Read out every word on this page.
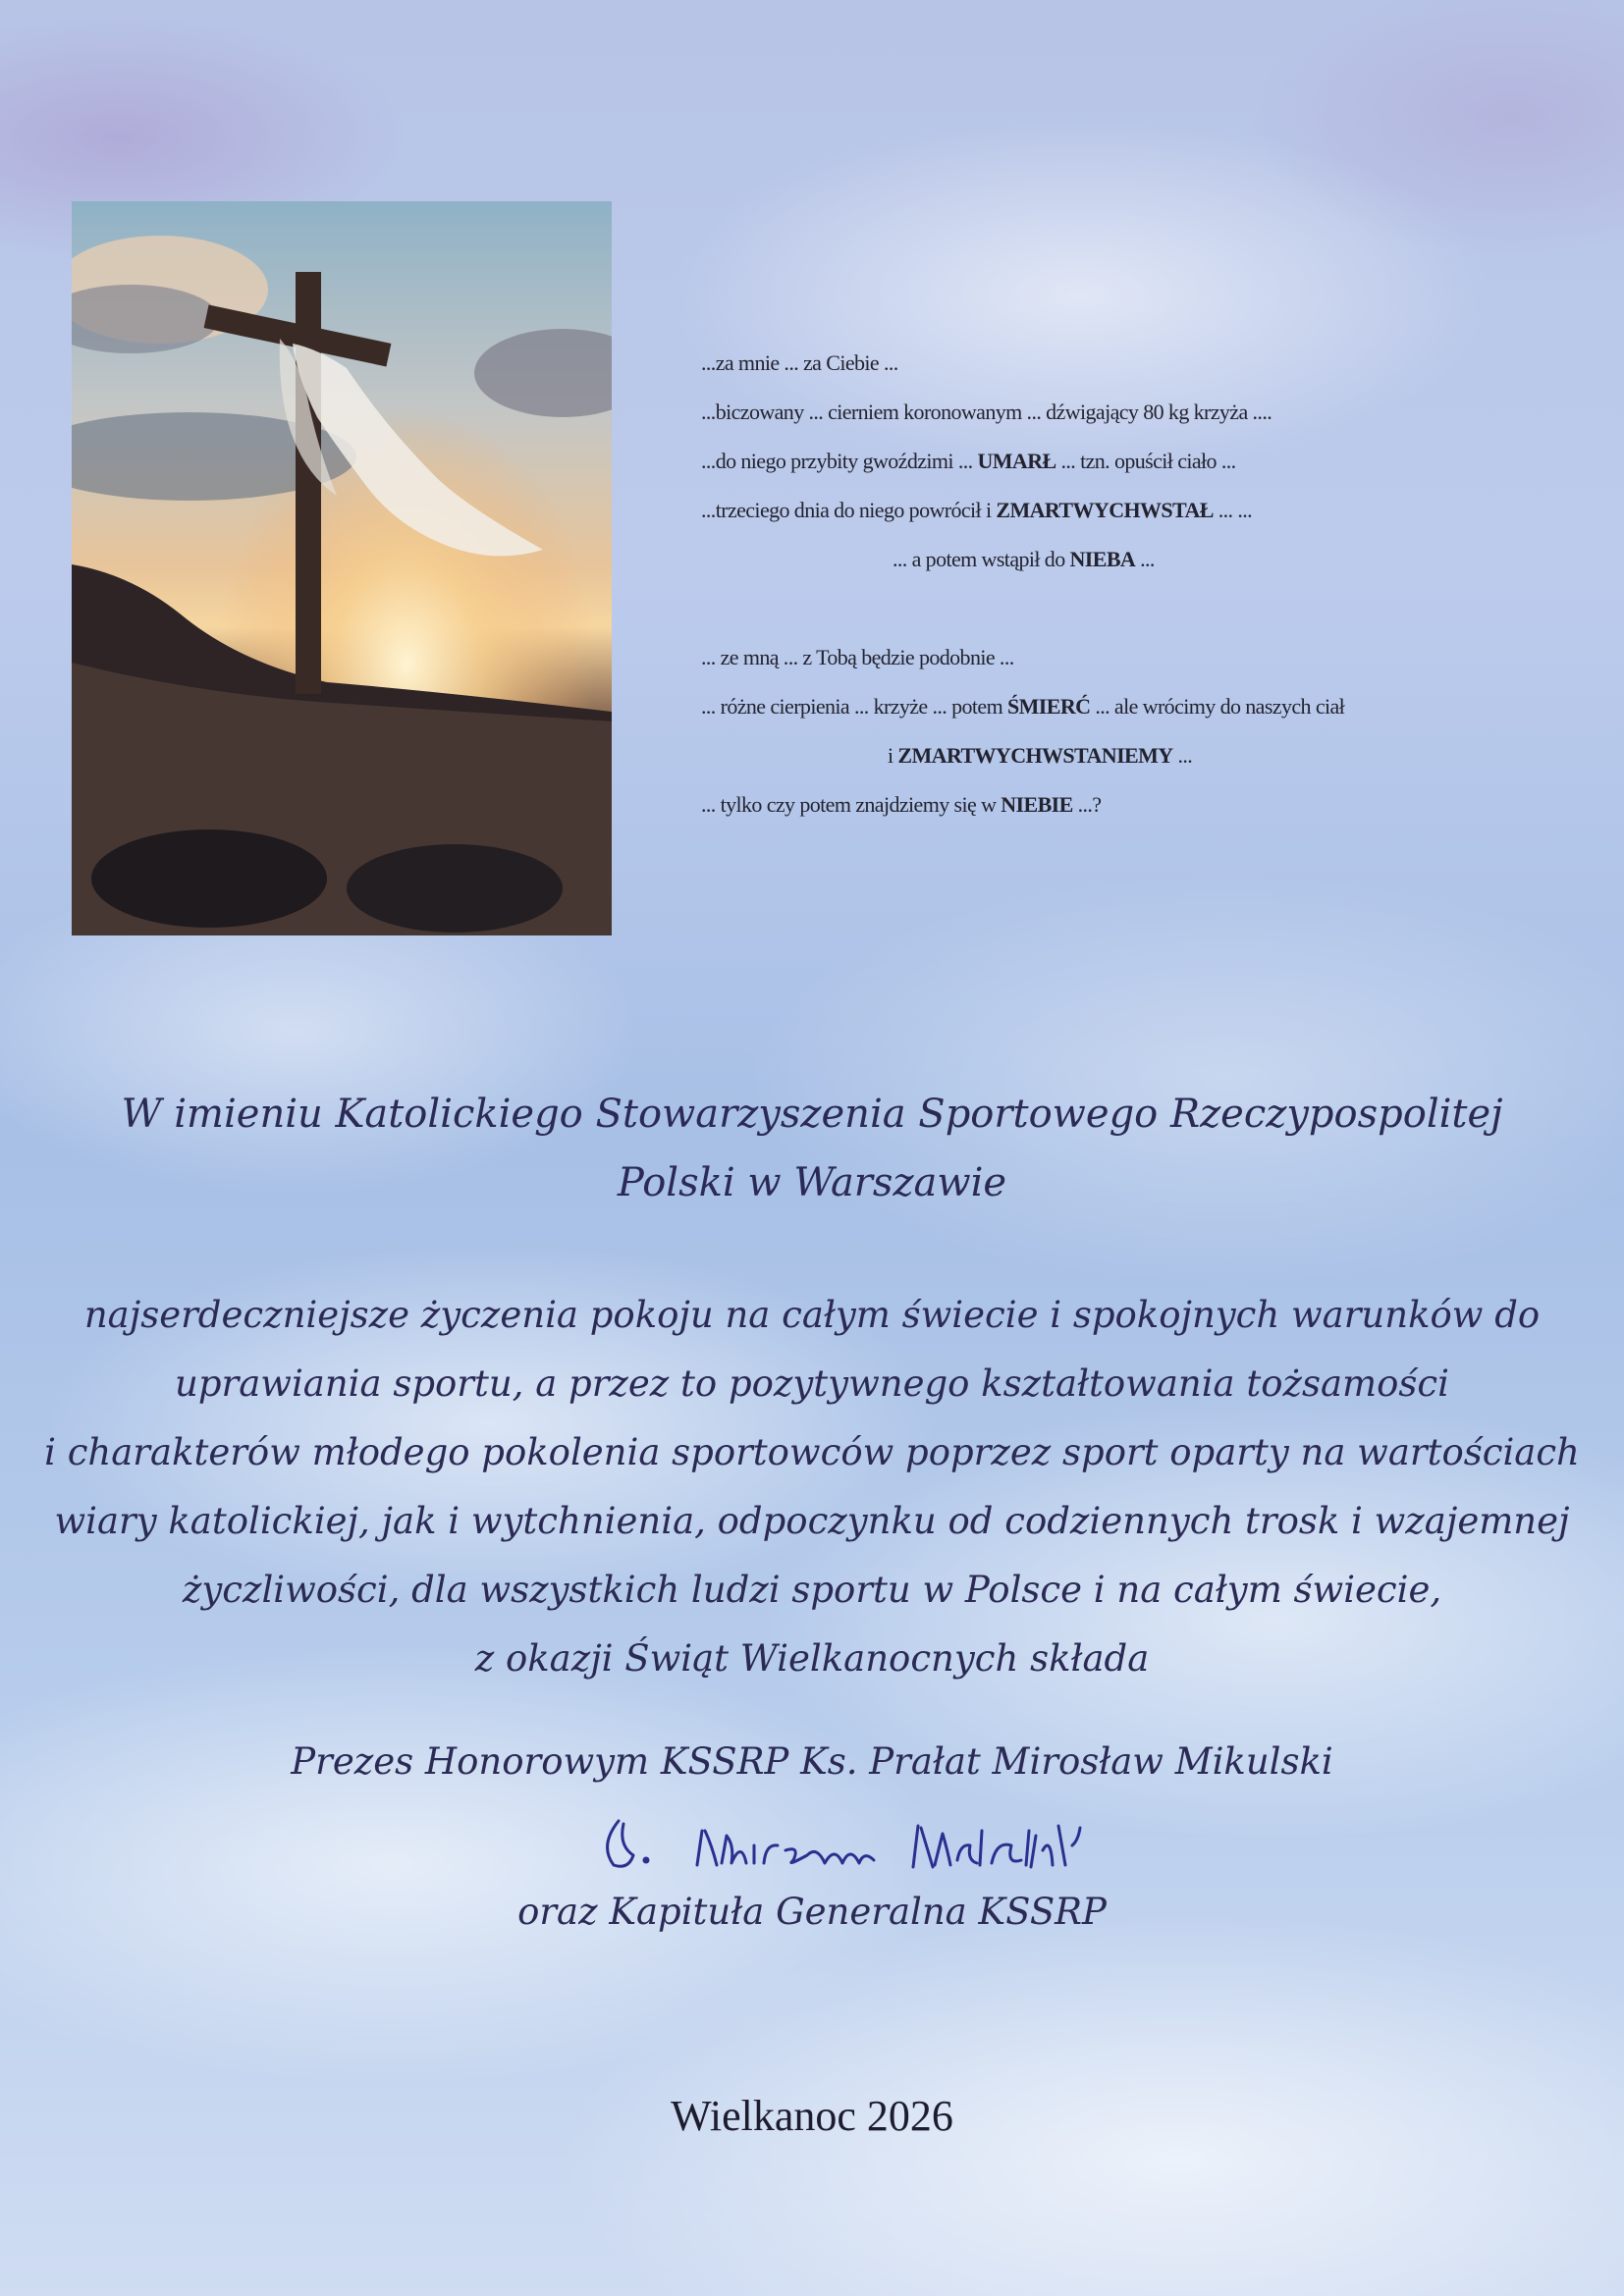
...za mnie ... za Ciebie ...
...biczowany ... cierniem koronowanym ... dźwigający 80 kg krzyża ....
...do niego przybity gwoździmi ... UMARŁ ... tzn. opuścił ciało ...
...trzeciego dnia do niego powrócił i ZMARTWYCHWSTAŁ ... ...
... a potem wstąpił do NIEBA ...
... ze mną ... z Tobą będzie podobnie ...
... różne cierpienia ... krzyże ... potem ŚMIERĆ ... ale wrócimy do naszych ciał
i ZMARTWYCHWSTANIEMY ...
... tylko czy potem znajdziemy się w NIEBIE ...?
W imieniu Katolickiego Stowarzyszenia Sportowego Rzeczypospolitej
Polski w Warszawie
najserdeczniejsze życzenia pokoju na całym świecie i spokojnych warunków do
uprawiania sportu, a przez to pozytywnego kształtowania tożsamości
i charakterów młodego pokolenia sportowców poprzez sport oparty na wartościach
wiary katolickiej, jak i wytchnienia, odpoczynku od codziennych trosk i wzajemnej
życzliwości, dla wszystkich ludzi sportu w Polsce i na całym świecie,
z okazji Świąt Wielkanocnych składa
Prezes Honorowym KSSRP Ks. Prałat Mirosław Mikulski
oraz Kapituła Generalna KSSRP
Wielkanoc 2026
